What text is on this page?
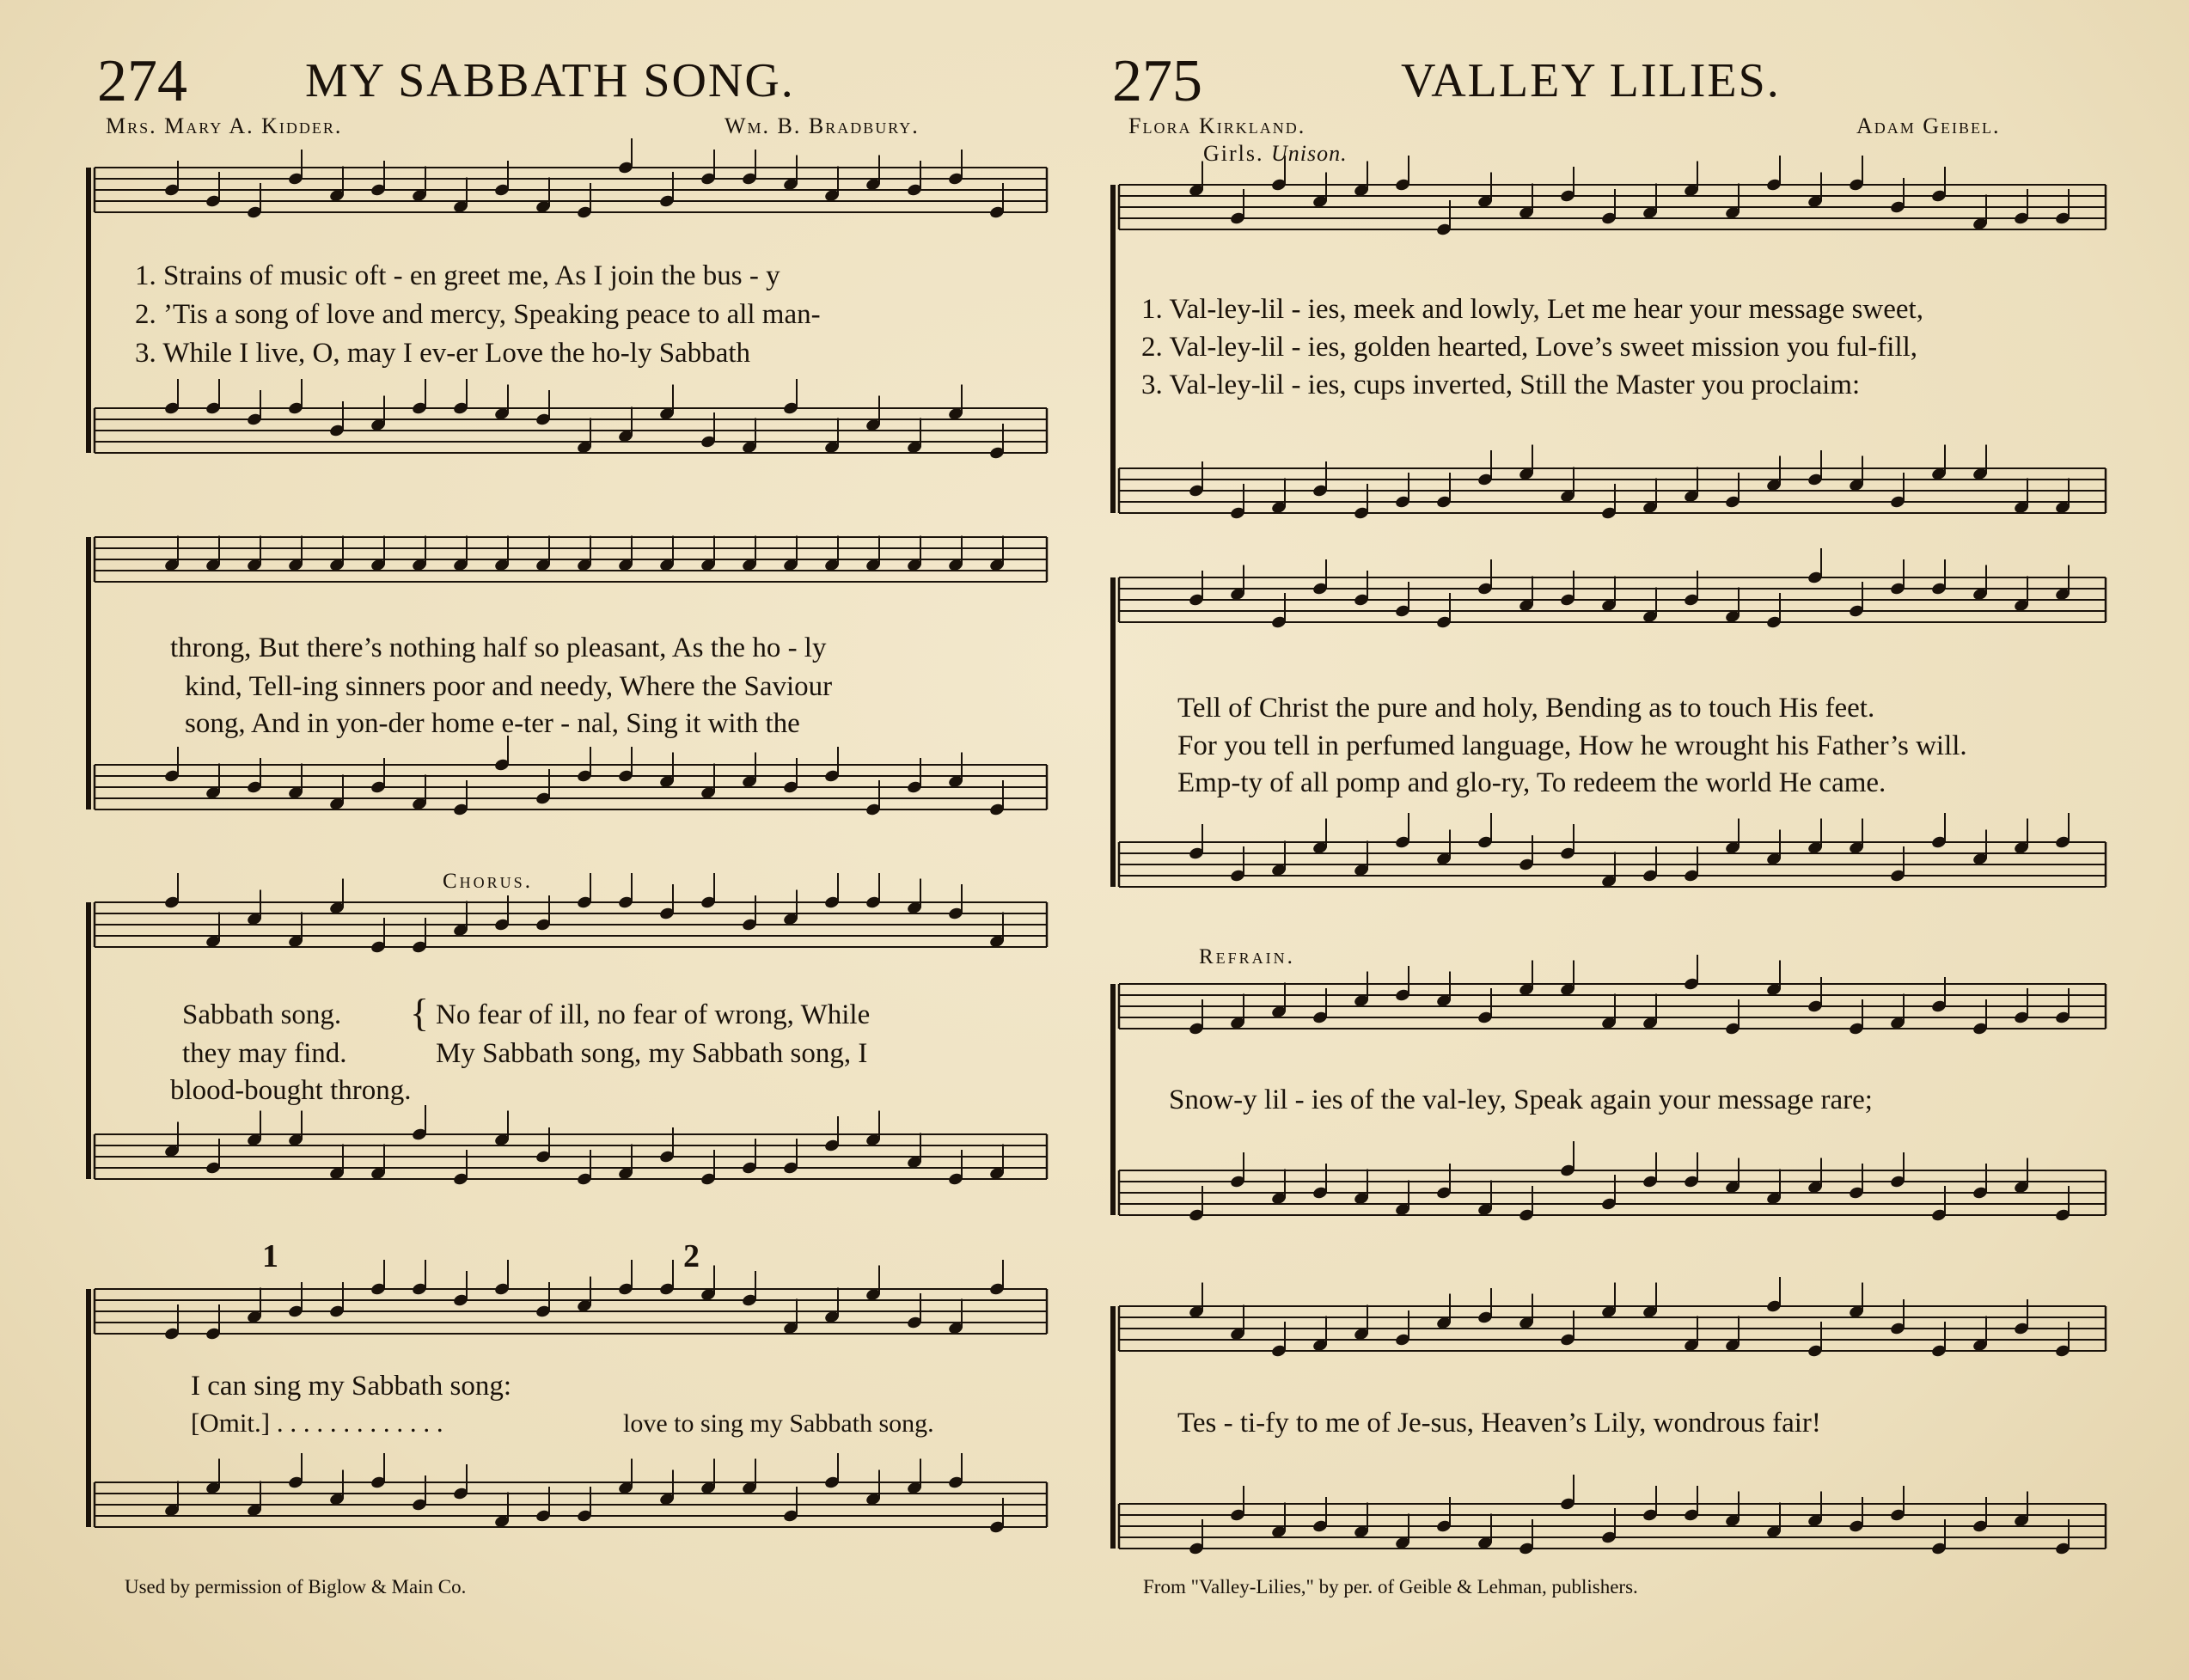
274 MY SABBATH SONG.
Mrs. Mary A. Kidder.	Wm. B. Bradbury.
1. Strains of music oft - en greet me, As I join the bus - y
2. ’Tis a song of love and mercy, Speaking peace to all man-
3. While I live, O, may I ev-er Love the ho-ly Sabbath
throng, But there’s nothing half so pleasant, As the ho - ly
kind, Tell-ing sinners poor and needy, Where the Saviour
song, And in yon-der home e-ter - nal, Sing it with the
Chorus.
Sabbath song.
they may find.
blood-bought throng.
{ No fear of ill, no fear of wrong, While
My Sabbath song, my Sabbath song, I
1	2
I can sing my Sabbath song:
[Omit.] . . . . . . . . . . . . .	love to sing my Sabbath song.
Used by permission of Biglow & Main Co.
275	VALLEY LILIES.
Flora Kirkland.	Adam Geibel.
Girls. Unison.
1. Val-ley-lil - ies, meek and lowly, Let me hear your message sweet,
2. Val-ley-lil - ies, golden hearted, Love’s sweet mission you ful-fill,
3. Val-ley-lil - ies, cups inverted, Still the Master you proclaim:
Tell of Christ the pure and holy, Bending as to touch His feet.
For you tell in perfumed language, How he wrought his Father’s will.
Emp-ty of all pomp and glo-ry, To redeem the world He came.
Refrain.
Snow-y lil - ies of the val-ley, Speak again your message rare;
Tes - ti-fy to me of Je-sus, Heaven’s Lily, wondrous fair!
From "Valley-Lilies," by per. of Geible & Lehman, publishers.
